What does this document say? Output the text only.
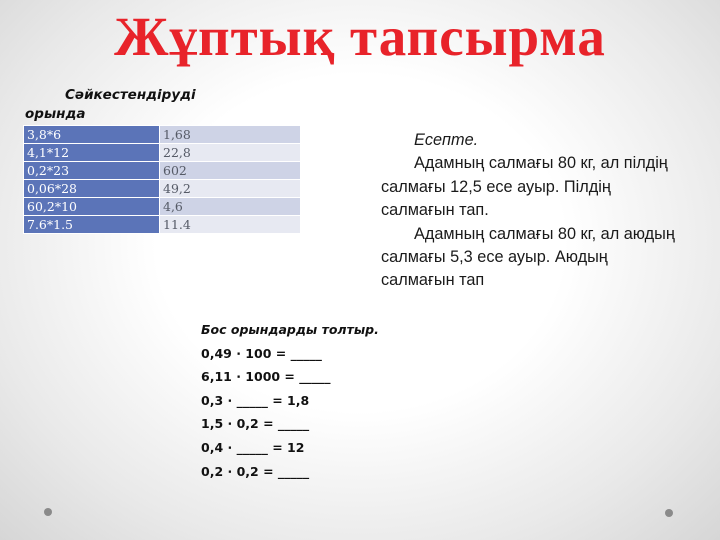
Жұптық тапсырма
Сәйкестендіруді орында
3,8*6	1,68
4,1*12	22,8
0,2*23	602
0,06*28	49,2
60,2*10	4,6
7.6*1.5	11.4
Есепте.
Адамның салмағы 80 кг, ал пілдің салмағы 12,5 есе ауыр. Пілдің салмағын тап.
Адамның салмағы 80 кг, ал аюдың салмағы 5,3 есе ауыр. Аюдың салмағын тап
Бос орындарды толтыр.
0,49 ∙ 100 = _____
6,11 ∙ 1000 = _____
0,3 ∙ _____ = 1,8
1,5 ∙ 0,2 = _____
0,4 ∙ _____ = 12
0,2 ∙ 0,2 = _____
